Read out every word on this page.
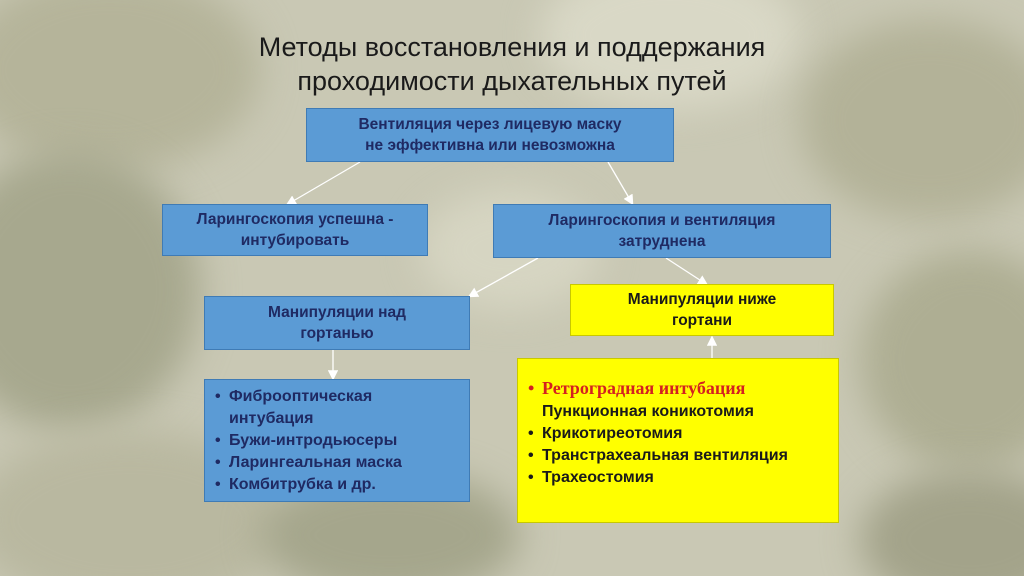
Методы восстановления и поддержания
проходимости дыхательных путей
Вентиляция через лицевую маску
не эффективна или невозможна
Ларингоскопия успешна -
интубировать
Ларингоскопия и вентиляция
затруднена
Манипуляции над
гортанью
Манипуляции ниже
гортани
• Фиброоптическая интубация
• Бужи-интродьюсеры
• Ларингеальная маска
• Комбитрубка и др.
• Ретроградная интубация
Пункционная коникотомия
• Крикотиреотомия
• Транстрахеальная вентиляция
• Трахеостомия
